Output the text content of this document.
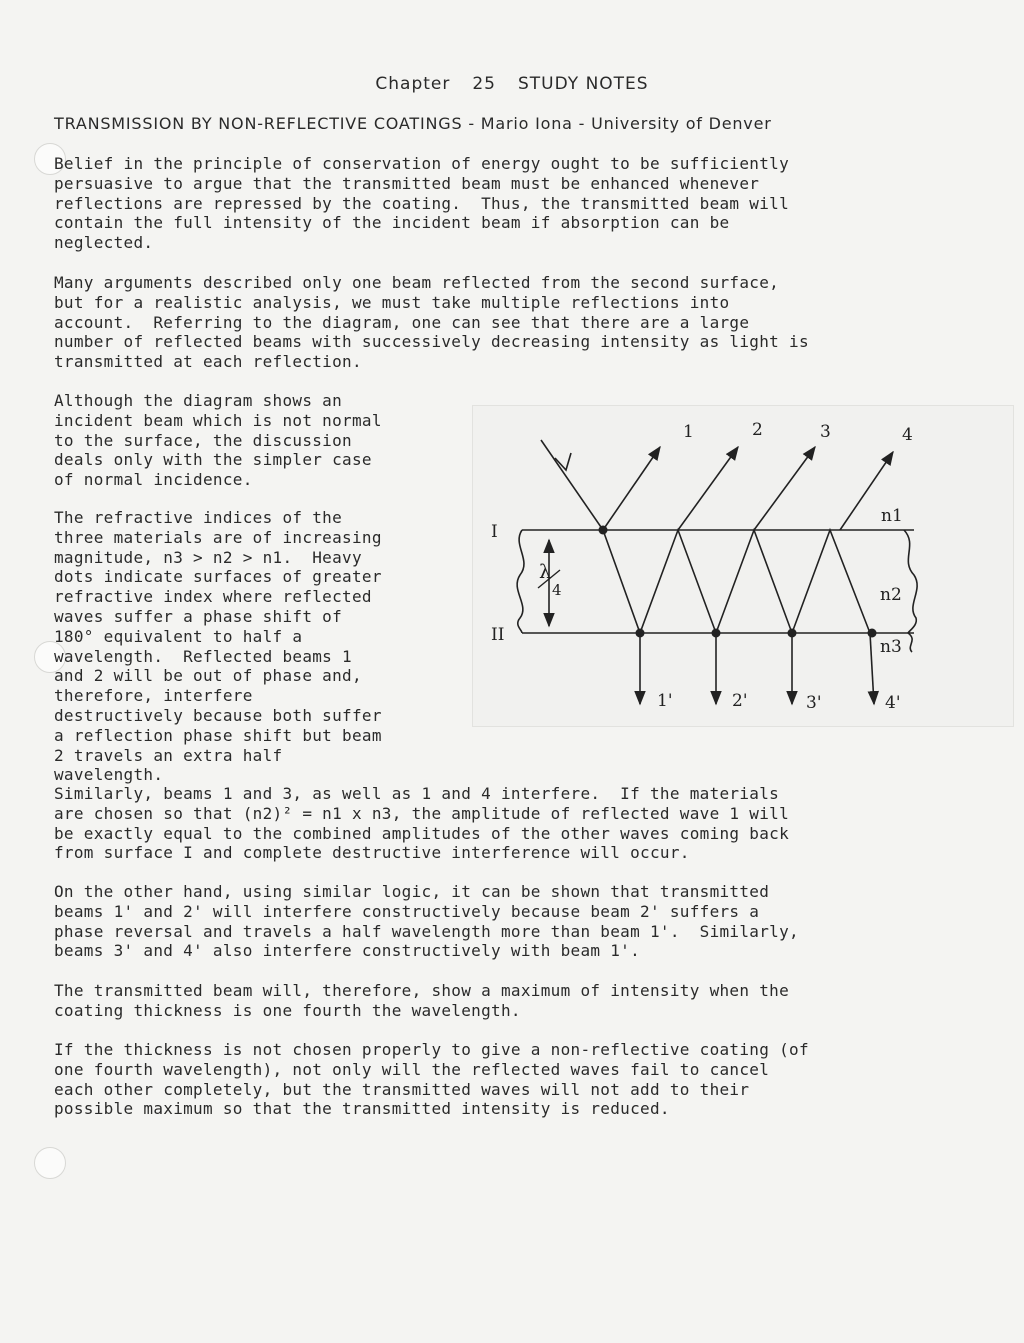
Chapter 25 STUDY NOTES
TRANSMISSION BY NON-REFLECTIVE COATINGS - Mario Iona - University of Denver
Belief in the principle of conservation of energy ought to be sufficiently
persuasive to argue that the transmitted beam must be enhanced whenever
reflections are repressed by the coating.  Thus, the transmitted beam will
contain the full intensity of the incident beam if absorption can be
neglected.
Many arguments described only one beam reflected from the second surface,
but for a realistic analysis, we must take multiple reflections into
account.  Referring to the diagram, one can see that there are a large
number of reflected beams with successively decreasing intensity as light is
transmitted at each reflection.
Although the diagram shows an
incident beam which is not normal
to the surface, the discussion
deals only with the simpler case
of normal incidence.
The refractive indices of the
three materials are of increasing
magnitude, n3 > n2 > n1.  Heavy
dots indicate surfaces of greater
refractive index where reflected
waves suffer a phase shift of
180° equivalent to half a
wavelength.  Reflected beams 1
and 2 will be out of phase and,
therefore, interfere
destructively because both suffer
a reflection phase shift but beam
2 travels an extra half
wavelength.
Similarly, beams 1 and 3, as well as 1 and 4 interfere.  If the materials
are chosen so that (n2)² = n1 x n3, the amplitude of reflected wave 1 will
be exactly equal to the combined amplitudes of the other waves coming back
from surface I and complete destructive interference will occur.
On the other hand, using similar logic, it can be shown that transmitted
beams 1' and 2' will interfere constructively because beam 2' suffers a
phase reversal and travels a half wavelength more than beam 1'.  Similarly,
beams 3' and 4' also interfere constructively with beam 1'.
The transmitted beam will, therefore, show a maximum of intensity when the
coating thickness is one fourth the wavelength.
If the thickness is not chosen properly to give a non-reflective coating (of
one fourth wavelength), not only will the reflected waves fail to cancel
each other completely, but the transmitted waves will not add to their
possible maximum so that the transmitted intensity is reduced.
1	2	3	4
1'	2'	3'	4'
I
II
n1
n2
n3
λ
4
